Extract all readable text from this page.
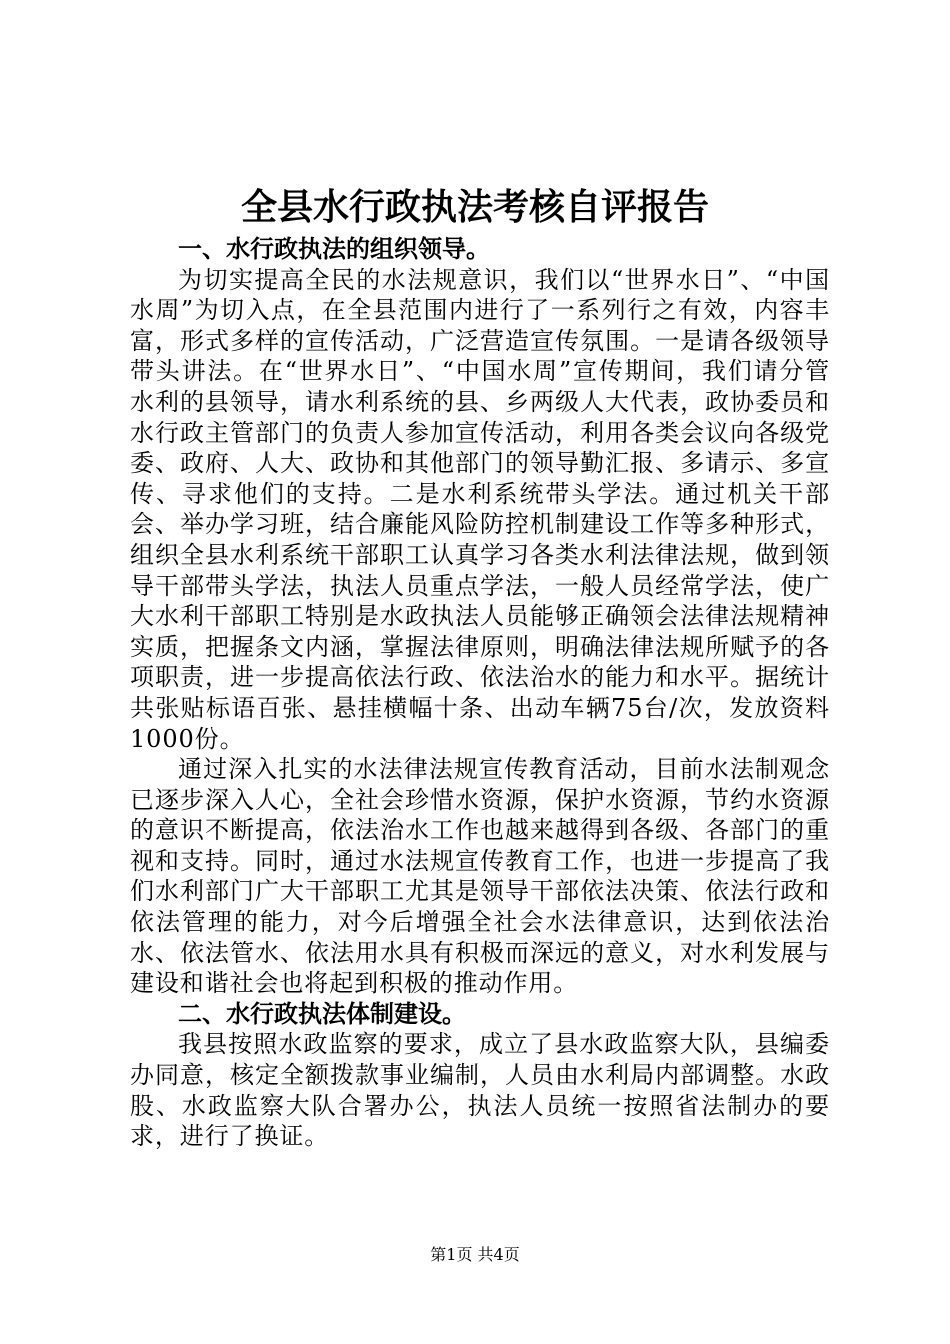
全县水行政执法考核自评报告

一、水行政执法的组织领导。

为切实提高全民的水法规意识，我们以“世界水日”、“中国水周”为切入点，在全县范围内进行了一系列行之有效，内容丰富，形式多样的宣传活动，广泛营造宣传氛围。一是请各级领导带头讲法。在“世界水日”、“中国水周”宣传期间，我们请分管水利的县领导，请水利系统的县、乡两级人大代表，政协委员和水行政主管部门的负责人参加宣传活动，利用各类会议向各级党委、政府、人大、政协和其他部门的领导勤汇报、多请示、多宣传、寻求他们的支持。二是水利系统带头学法。通过机关干部会、举办学习班，结合廉能风险防控机制建设工作等多种形式，组织全县水利系统干部职工认真学习各类水利法律法规，做到领导干部带头学法，执法人员重点学法，一般人员经常学法，使广大水利干部职工特别是水政执法人员能够正确领会法律法规精神实质，把握条文内涵，掌握法律原则，明确法律法规所赋予的各项职责，进一步提高依法行政、依法治水的能力和水平。据统计共张贴标语百张、悬挂横幅十条、出动车辆75台/次，发放资料1000份。

通过深入扎实的水法律法规宣传教育活动，目前水法制观念已逐步深入人心，全社会珍惜水资源，保护水资源，节约水资源的意识不断提高，依法治水工作也越来越得到各级、各部门的重视和支持。同时，通过水法规宣传教育工作，也进一步提高了我们水利部门广大干部职工尤其是领导干部依法决策、依法行政和依法管理的能力，对今后增强全社会水法律意识，达到依法治水、依法管水、依法用水具有积极而深远的意义，对水利发展与建设和谐社会也将起到积极的推动作用。

二、水行政执法体制建设。

我县按照水政监察的要求，成立了县水政监察大队，县编委办同意，核定全额拨款事业编制，人员由水利局内部调整。水政股、水政监察大队合署办公，执法人员统一按照省法制办的要求，进行了换证。

第1页 共4页
